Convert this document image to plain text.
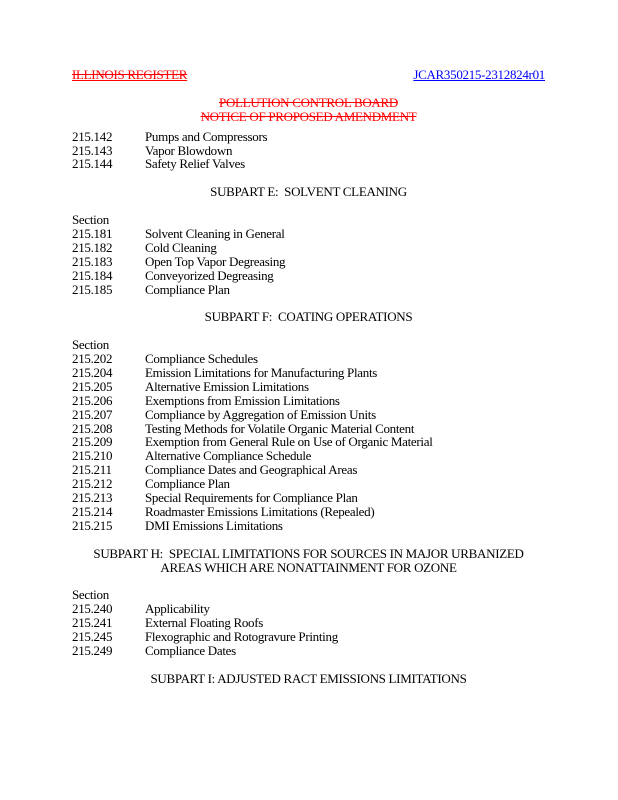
ILLINOIS REGISTER	JCAR350215-2312824r01
POLLUTION CONTROL BOARD
NOTICE OF PROPOSED AMENDMENT
215.142	Pumps and Compressors
215.143	Vapor Blowdown
215.144	Safety Relief Valves
SUBPART E:  SOLVENT CLEANING
Section
215.181	Solvent Cleaning in General
215.182	Cold Cleaning
215.183	Open Top Vapor Degreasing
215.184	Conveyorized Degreasing
215.185	Compliance Plan
SUBPART F:  COATING OPERATIONS
Section
215.202	Compliance Schedules
215.204	Emission Limitations for Manufacturing Plants
215.205	Alternative Emission Limitations
215.206	Exemptions from Emission Limitations
215.207	Compliance by Aggregation of Emission Units
215.208	Testing Methods for Volatile Organic Material Content
215.209	Exemption from General Rule on Use of Organic Material
215.210	Alternative Compliance Schedule
215.211	Compliance Dates and Geographical Areas
215.212	Compliance Plan
215.213	Special Requirements for Compliance Plan
215.214	Roadmaster Emissions Limitations (Repealed)
215.215	DMI Emissions Limitations
SUBPART H:  SPECIAL LIMITATIONS FOR SOURCES IN MAJOR URBANIZED
AREAS WHICH ARE NONATTAINMENT FOR OZONE
Section
215.240	Applicability
215.241	External Floating Roofs
215.245	Flexographic and Rotogravure Printing
215.249	Compliance Dates
SUBPART I: ADJUSTED RACT EMISSIONS LIMITATIONS
